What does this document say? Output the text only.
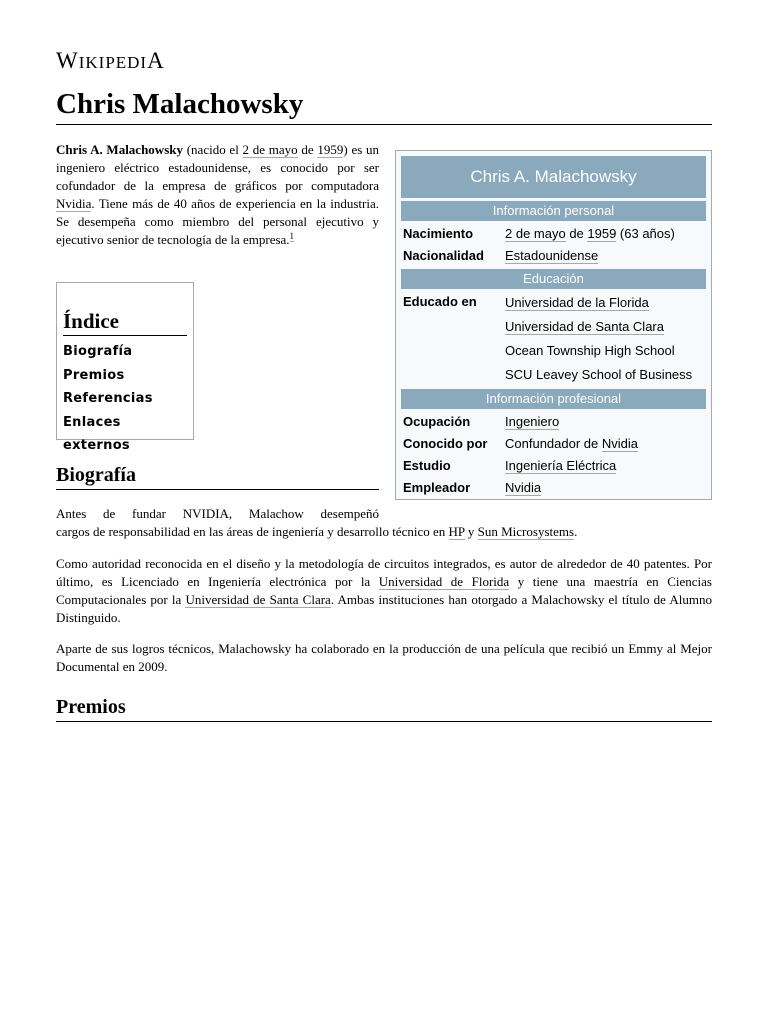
WIKIPEDIA
Chris Malachowsky

Chris A. Malachowsky (nacido el 2 de mayo de 1959) es un ingeniero eléctrico estadounidense, es conocido por ser cofundador de la empresa de gráficos por computadora Nvidia. Tiene más de 40 años de experiencia en la industria. Se desempeña como miembro del personal ejecutivo y ejecutivo senior de tecnología de la empresa.$^1$

Índice
Biografía
Premios
Referencias
Enlaces externos
Chris A. Malachowsky
Información personal
Nacimiento	2 de mayo de 1959 (63 años)
Nacionalidad	Estadounidense
Educación
Educado en	Universidad de la Florida
Universidad de Santa Clara
Ocean Township High School
SCU Leavey School of Business
Información profesional
Ocupación	Ingeniero
Conocido por	Confundador de Nvidia
Estudio	Ingeniería Eléctrica
Empleador	Nvidia
Biografía

Antes de fundar NVIDIA, Malachow desempeñó
cargos de responsabilidad en las áreas de ingeniería y desarrollo técnico en HP y Sun Microsystems.

Como autoridad reconocida en el diseño y la metodología de circuitos integrados, es autor de alrededor de 40 patentes. Por último, es Licenciado en Ingeniería electrónica por la Universidad de Florida y tiene una maestría en Ciencias Computacionales por la Universidad de Santa Clara. Ambas instituciones han otorgado a Malachowsky el título de Alumno Distinguido.

Aparte de sus logros técnicos, Malachowsky ha colaborado en la producción de una película que recibió un Emmy al Mejor Documental en 2009.

Premios
